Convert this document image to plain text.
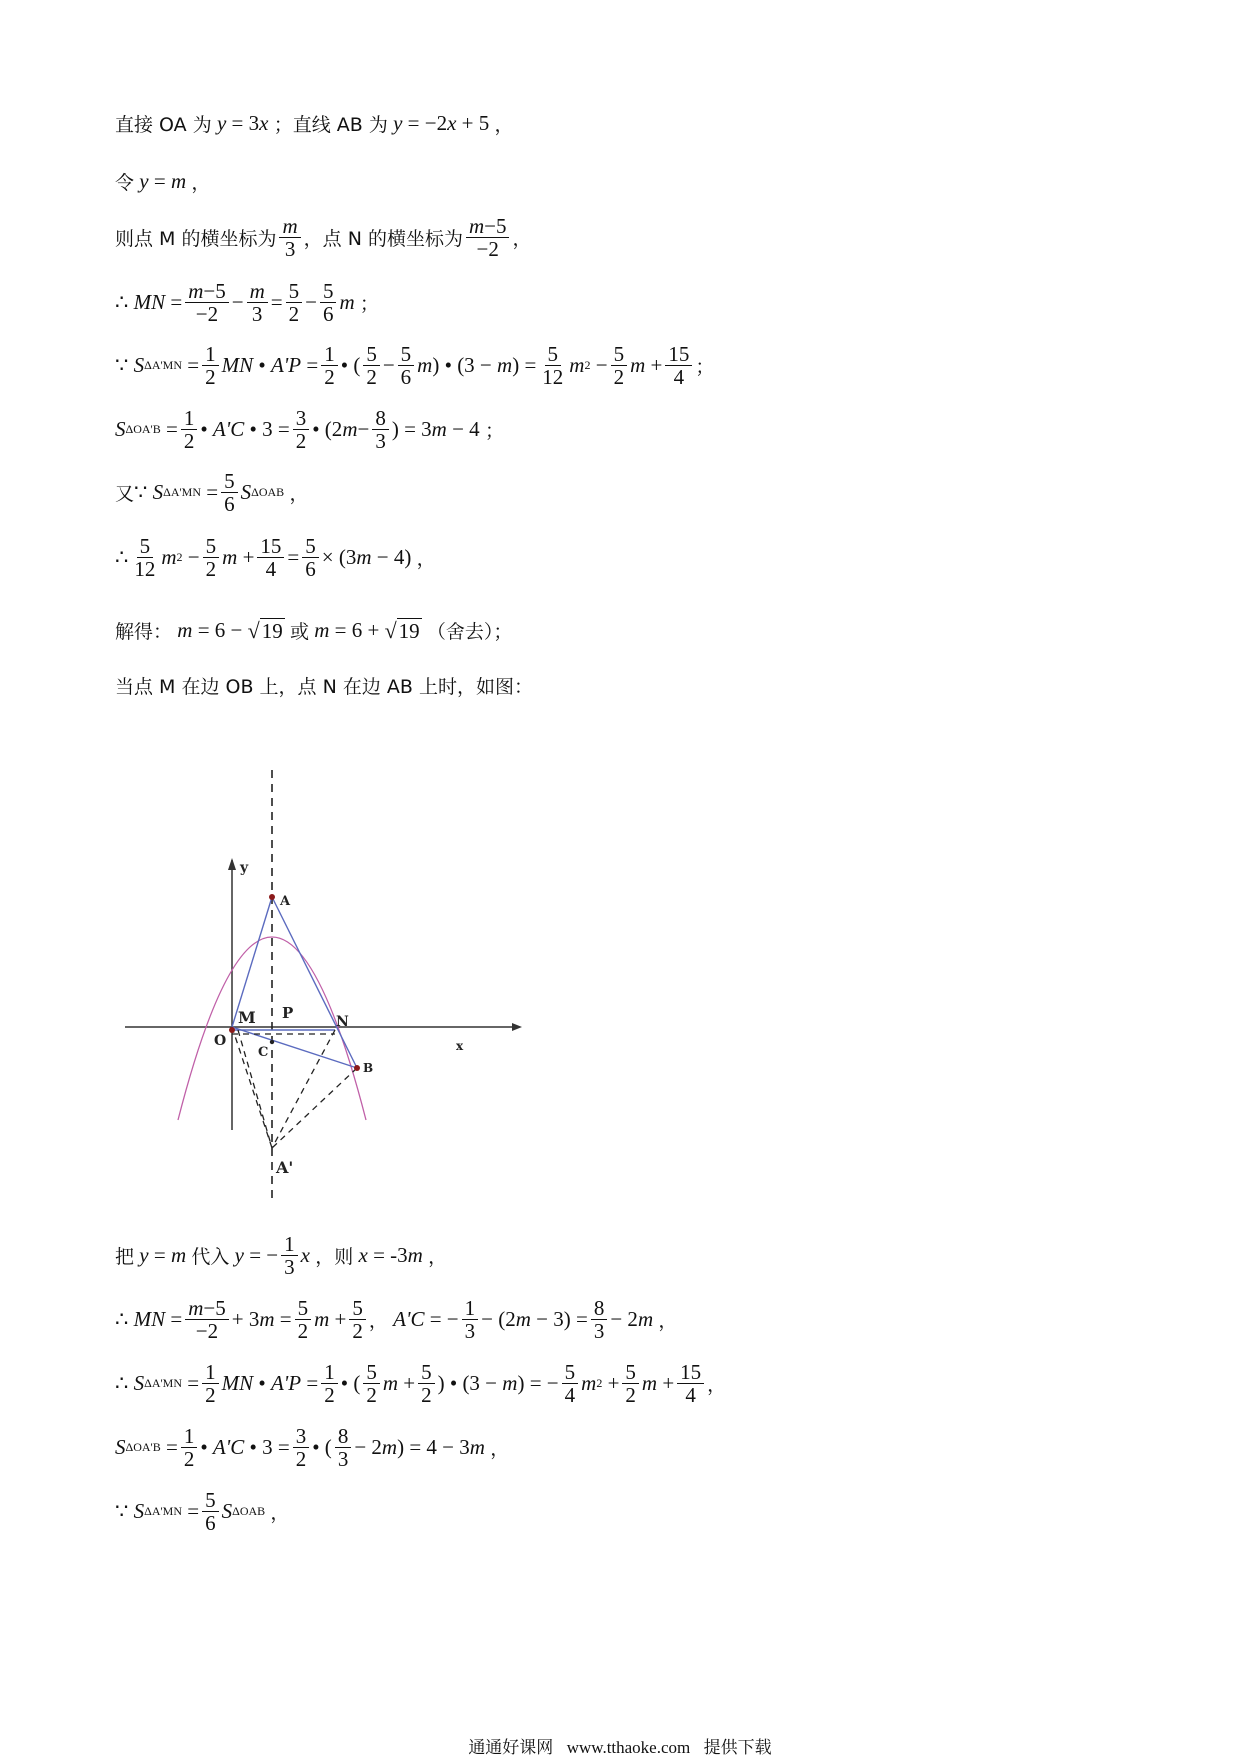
直接 OA 为
y = 3 x
；直线 AB 为
y = −2 x + 5 ，
令
y = m
，
则点 M 的横坐标为 $\frac{m}{3}$ ，点 N 的横坐标为 $\frac{m-5}{-2}$ ，
∴ MN = $\frac{m-5}{-2} - \frac{m}{3} = \frac{5}{2} - \frac{5}{6}$ m
；
∵ S $\Delta A'MN = \frac{1}{2}$ MN • $A'P = \frac{1}{2}$ • ( $\frac{5}{2} - \frac{5}{6}$ m ) • (3 − m ) = $\frac{5}{12}$ m $2 - \frac{5}{2}$ $m + \frac{15}{4}$ ；
S $\Delta OA'B = \frac{1}{2}$ • A'C • $3 = \frac{3}{2}$ • (2 $m - \frac{8}{3}$ ) = 3 m − 4 ；
又 ∵ S $\Delta A'MN = \frac{5}{6}$ S ΔOAB
，
∴ $\frac{5}{12}$ m $2 - \frac{5}{2}$ $m + \frac{15}{4} = \frac{5}{6} \times (3$ m − 4) ，
解得：
m = 6 − √ 19
或
m = 6 + √ 19
（舍去）；
当点 M 在边 OB 上，点 N 在边 AB 上时，如图：
y
x
A
M P	N
O
C
B
A'
把
y = m
代入
y = − $\frac{1}{3}$ x
，则
x = -3 m
，
∴ MN = $\frac{m-5}{-2} + 3$ $m = \frac{5}{2}$ $m + \frac{5}{2}$ ，
A'C = − $\frac{1}{3} - (2$ $m - 3) = \frac{8}{3} - 2$ m
，
∴ S $\Delta A'MN = \frac{1}{2}$ MN • $A'P = \frac{1}{2}$ • ( $\frac{5}{2}$ $m + \frac{5}{2}$ ) • (3 − m ) = − $\frac{5}{4}$ m $2 + \frac{5}{2}$ $m + \frac{15}{4}$ ，
S $\Delta OA'B = \frac{1}{2}$ • A'C • $3 = \frac{3}{2}$ • ( $\frac{8}{3} - 2$ m ) = 4 − 3 m
，
∵ S $\Delta A'MN = \frac{5}{6}$ S ΔOAB
，
通通好课网 www.tthaoke.com 提供下载
